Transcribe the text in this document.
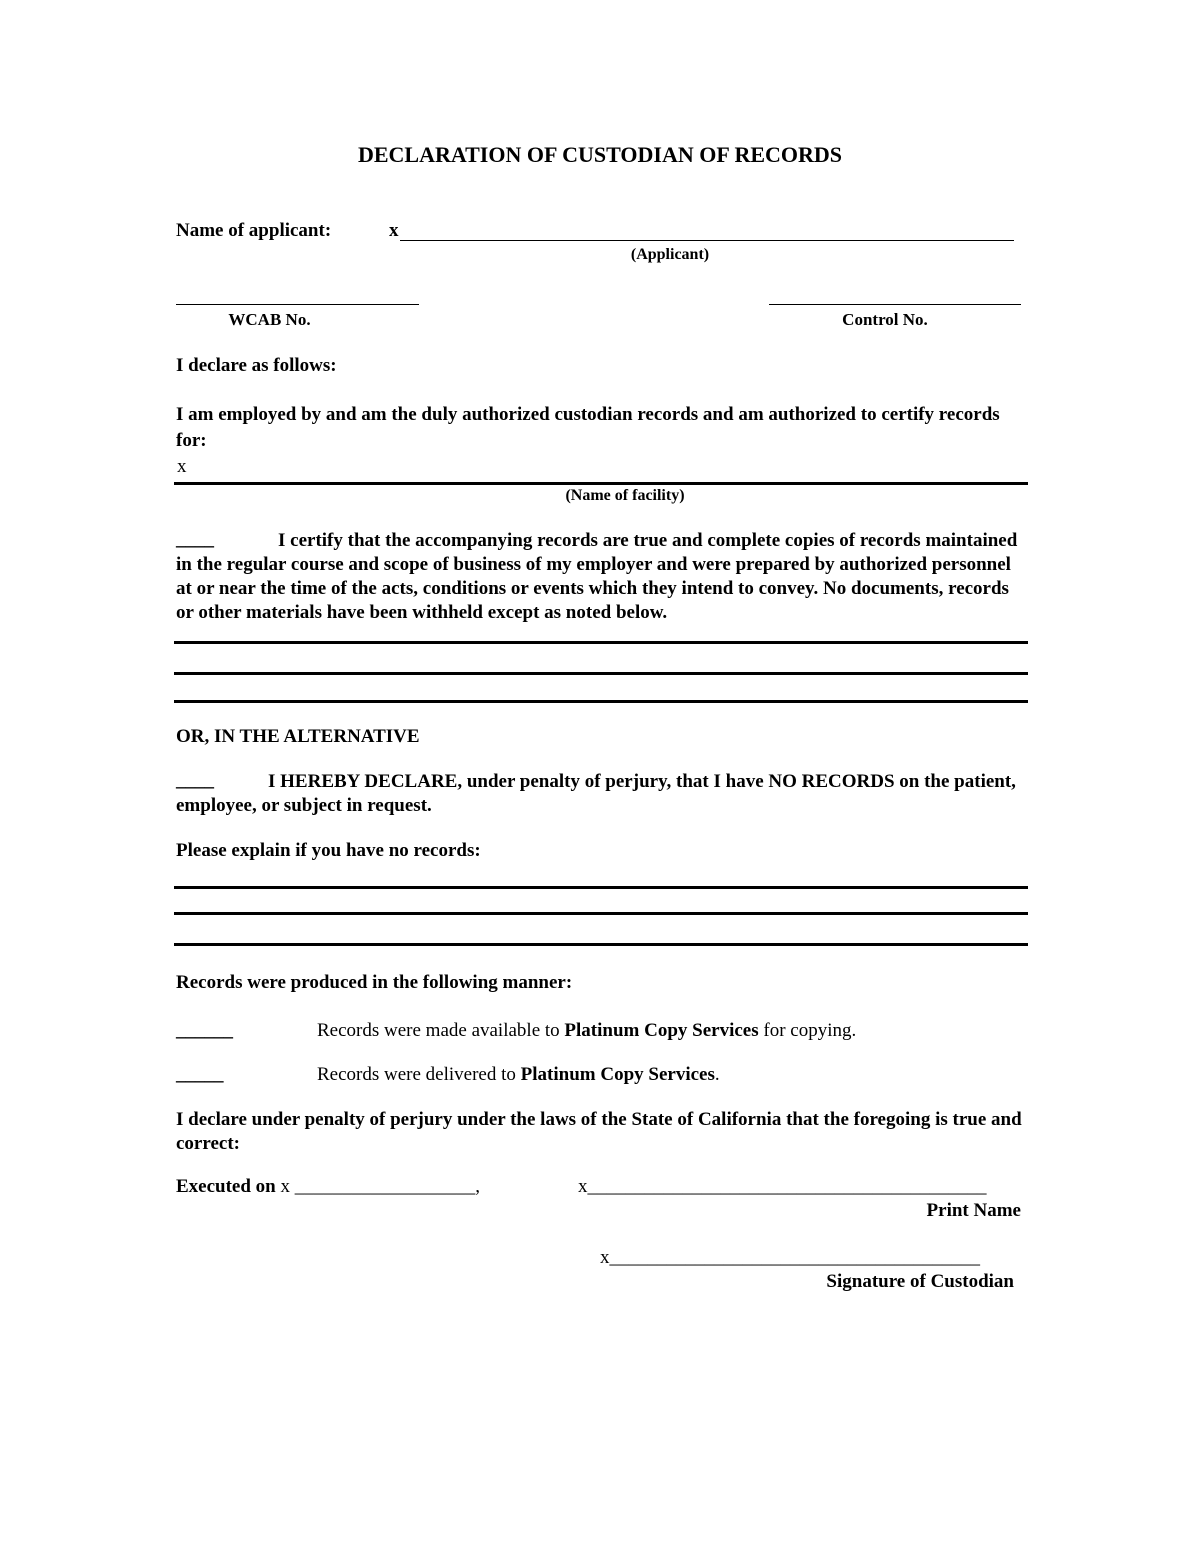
DECLARATION OF CUSTODIAN OF RECORDS
Name of applicant:	x
(Applicant)
WCAB No.	Control No.
I declare as follows:
I am employed by and am the duly authorized custodian records and am authorized to certify records for:
x
(Name of facility)
____	I certify that the accompanying records are true and complete copies of records maintained in the regular course and scope of business of my employer and were prepared by authorized personnel at or near the time of the acts, conditions or events which they intend to convey. No documents, records or other materials have been withheld except as noted below.
OR, IN THE ALTERNATIVE
____	I HEREBY DECLARE, under penalty of perjury, that I have NO RECORDS on the patient, employee, or subject in request.
Please explain if you have no records:
Records were produced in the following manner:
______	Records were made available to Platinum Copy Services for copying.
_____	Records were delivered to Platinum Copy Services.
I declare under penalty of perjury under the laws of the State of California that the foregoing is true and correct:
Executed on x ___________________,	x__________________________________________
Print Name
x_______________________________________
Signature of Custodian
